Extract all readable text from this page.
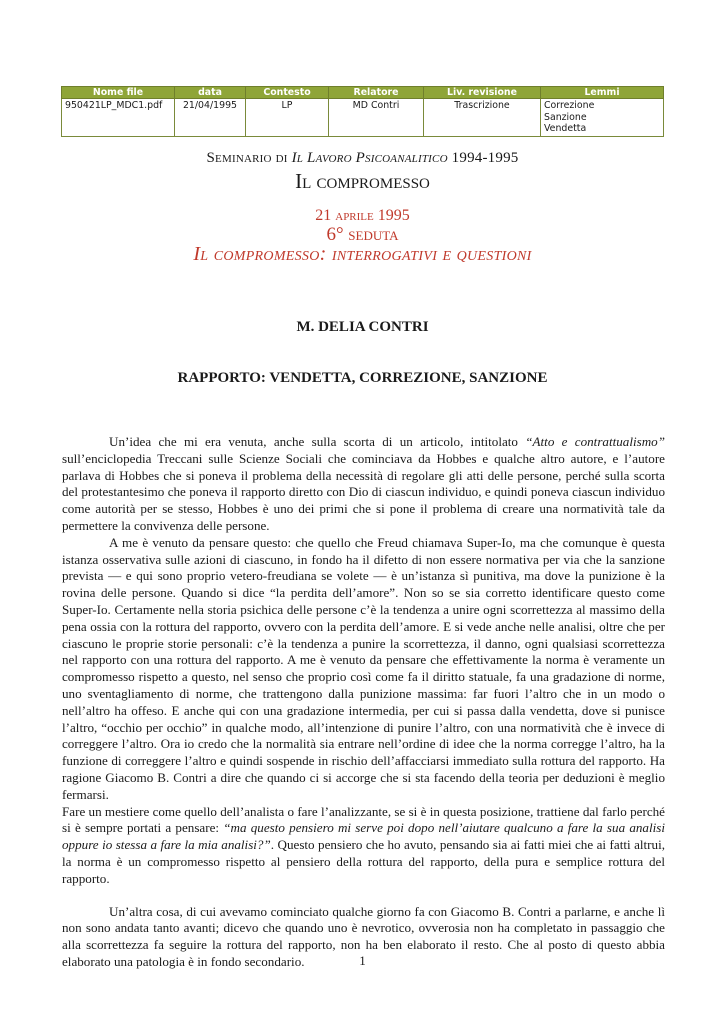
Nome file	data	Contesto	Relatore	Liv. revisione	Lemmi
950421LP_MDC1.pdf	21/04/1995	LP	MD Contri	Trascrizione	Correzione
Sanzione
Vendetta
Seminario di Il Lavoro Psicoanalitico 1994-1995
Il compromesso
21 aprile 1995
6° seduta
Il compromesso: interrogativi e questioni
M. DELIA CONTRI
RAPPORTO: VENDETTA, CORREZIONE, SANZIONE

Un’idea che mi era venuta, anche sulla scorta di un articolo, intitolato “Atto e contrattualismo” sull’enciclopedia Treccani sulle Scienze Sociali che cominciava da Hobbes e qualche altro autore, e l’autore parlava di Hobbes che si poneva il problema della necessità di regolare gli atti delle persone, perché sulla scorta del protestantesimo che poneva il rapporto diretto con Dio di ciascun individuo, e quindi poneva ciascun individuo come autorità per se stesso, Hobbes è uno dei primi che si pone il problema di creare una normatività tale da permettere la convivenza delle persone.

A me è venuto da pensare questo: che quello che Freud chiamava Super-Io, ma che comunque è questa istanza osservativa sulle azioni di ciascuno, in fondo ha il difetto di non essere normativa per via che la sanzione prevista — e qui sono proprio vetero-freudiana se volete — è un’istanza sì punitiva, ma dove la punizione è la rovina delle persone. Quando si dice “la perdita dell’amore”. Non so se sia corretto identificare questo come Super-Io. Certamente nella storia psichica delle persone c’è la tendenza a unire ogni scorrettezza al massimo della pena ossia con la rottura del rapporto, ovvero con la perdita dell’amore. E si vede anche nelle analisi, oltre che per ciascuno le proprie storie personali: c’è la tendenza a punire la scorrettezza, il danno, ogni qualsiasi scorrettezza nel rapporto con una rottura del rapporto. A me è venuto da pensare che effettivamente la norma è veramente un compromesso rispetto a questo, nel senso che proprio così come fa il diritto statuale, fa una gradazione di norme, uno sventagliamento di norme, che trattengono dalla punizione massima: far fuori l’altro che in un modo o nell’altro ha offeso. E anche qui con una gradazione intermedia, per cui si passa dalla vendetta, dove si punisce l’altro, “occhio per occhio” in qualche modo, all’intenzione di punire l’altro, con una normatività che è invece di correggere l’altro. Ora io credo che la normalità sia entrare nell’ordine di idee che la norma corregge l’altro, ha la funzione di correggere l’altro e quindi sospende in rischio dell’affacciarsi immediato sulla rottura del rapporto. Ha ragione Giacomo B. Contri a dire che quando ci si accorge che si sta facendo della teoria per deduzioni è meglio fermarsi.

Fare un mestiere come quello dell’analista o fare l’analizzante, se si è in questa posizione, trattiene dal farlo perché si è sempre portati a pensare: “ma questo pensiero mi serve poi dopo nell’aiutare qualcuno a fare la sua analisi oppure io stessa a fare la mia analisi?”. Questo pensiero che ho avuto, pensando sia ai fatti miei che ai fatti altrui, la norma è un compromesso rispetto al pensiero della rottura del rapporto, della pura e semplice rottura del rapporto.

Un’altra cosa, di cui avevamo cominciato qualche giorno fa con Giacomo B. Contri a parlarne, e anche lì non sono andata tanto avanti; dicevo che quando uno è nevrotico, ovverosia non ha completato in passaggio che alla scorrettezza fa seguire la rottura del rapporto, non ha ben elaborato il resto. Che al posto di questo abbia elaborato una patologia è in fondo secondario.	1
